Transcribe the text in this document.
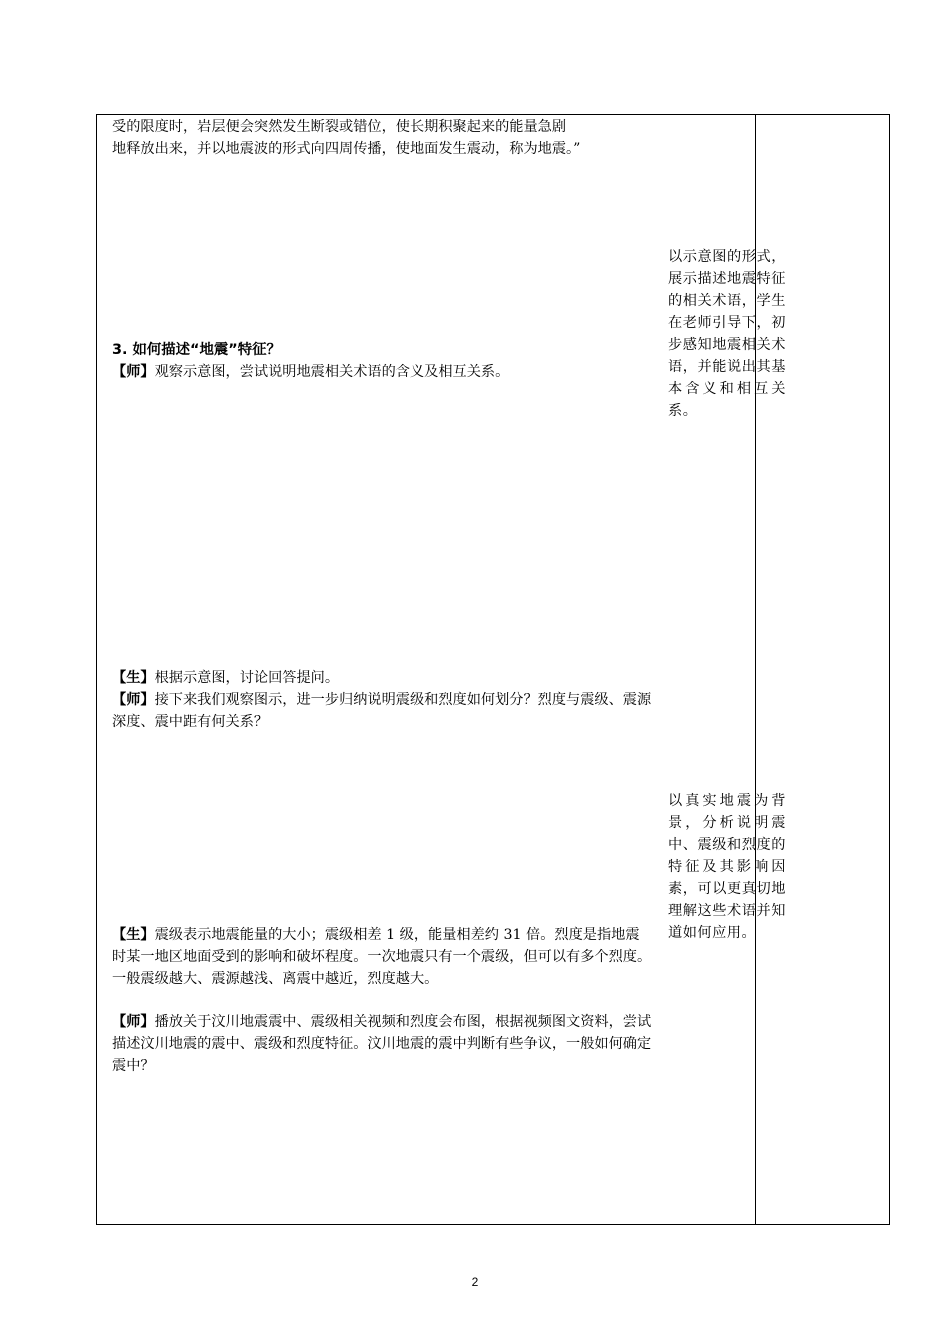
受的限度时，岩层便会突然发生断裂或错位，使长期积聚起来的能量急剧

地释放出来，并以地震波的形式向四周传播，使地面发生震动，称为地震。”

3. 如何描述“地震”特征？

【师】观察示意图，尝试说明地震相关术语的含义及相互关系。

【生】根据示意图，讨论回答提问。

【师】接下来我们观察图示，进一步归纳说明震级和烈度如何划分？烈度与震级、震源深度、震中距有何关系？

【生】震级表示地震能量的大小；震级相差 1 级，能量相差约 31 倍。烈度是指地震时某一地区地面受到的影响和破坏程度。一次地震只有一个震级，但可以有多个烈度。一般震级越大、震源越浅、离震中越近，烈度越大。

【师】播放关于汶川地震震中、震级相关视频和烈度会布图，根据视频图文资料，尝试描述汶川地震的震中、震级和烈度特征。汶川地震的震中判断有些争议，一般如何确定震中？

以示意图的形式，展示描述地震特征的相关术语，学生在老师引导下，初步感知地震相关术语，并能说出其基本含义和相互关系。
以真实地震为背景，分析说明震中、震级和烈度的特征及其影响因素，可以更真切地理解这些术语并知道如何应用。
2
